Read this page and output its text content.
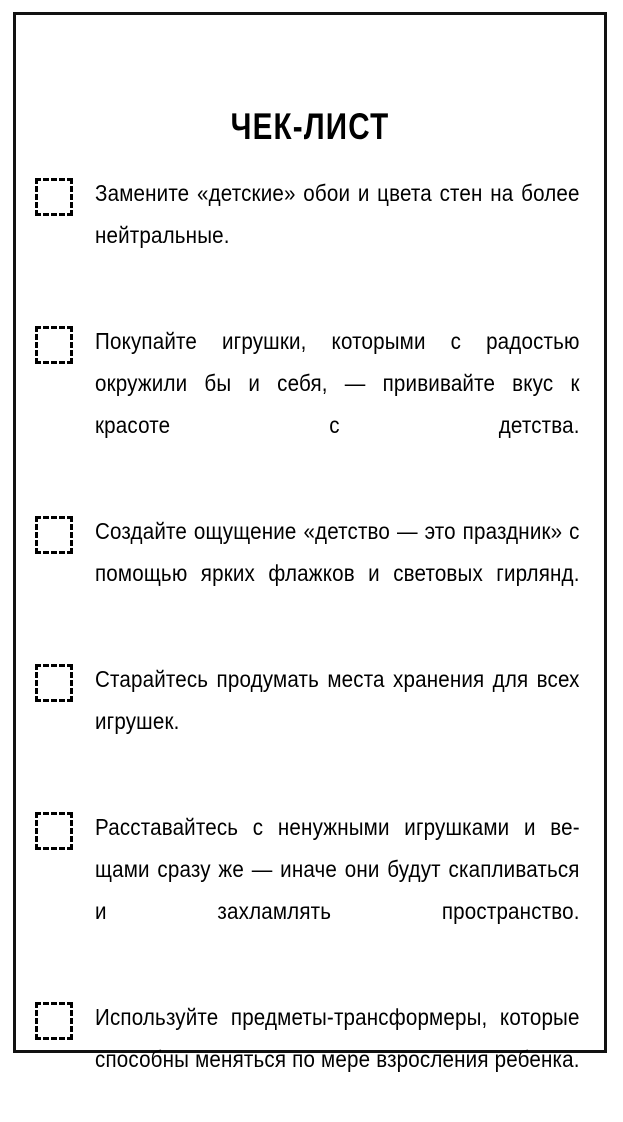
ЧЕК-ЛИСТ
Замените «детские» обои и цвета стен на более нейтральные.
Покупайте игрушки, которыми с радостью окружили бы и себя, — прививайте вкус к красоте с детства.
Создайте ощущение «детство — это праздник» с помощью ярких флажков и световых гирлянд.
Старайтесь продумать места хранения для всех игрушек.
Расставайтесь с ненужными игрушками и вещами сразу же — иначе они будут скапливаться и захламлять пространство.
Используйте предметы-трансформеры, которые способны меняться по мере взросления ребенка.
